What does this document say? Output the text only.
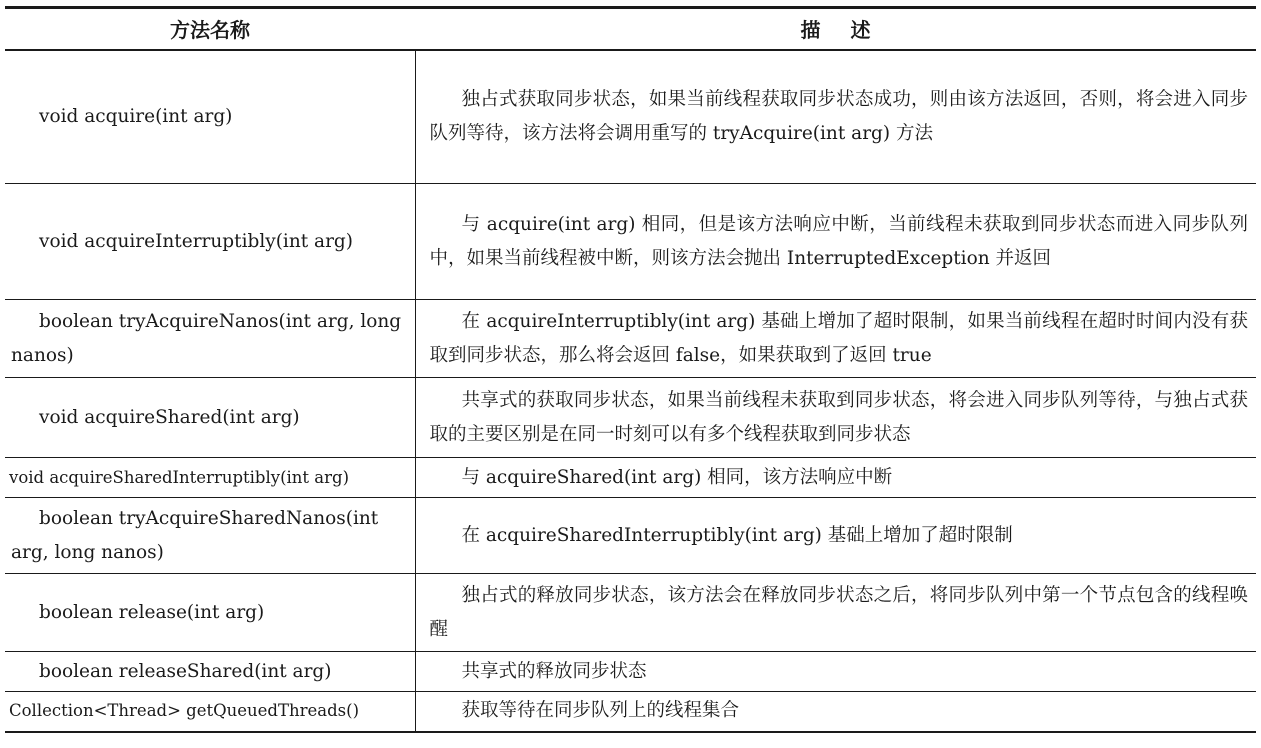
方法名称	描述

void acquire(int arg)	独占式获取同步状态，如果当前线程获取同步状态成功，则由该方法返回，否则，将会进入同步队列等待，该方法将会调用重写的 tryAcquire(int arg) 方法

void acquireInterruptibly(int arg)	与 acquire(int arg) 相同，但是该方法响应中断，当前线程未获取到同步状态而进入同步队列中，如果当前线程被中断，则该方法会抛出 InterruptedException 并返回

boolean tryAcquireNanos(int arg, long nanos)	在 acquireInterruptibly(int arg) 基础上增加了超时限制，如果当前线程在超时时间内没有获取到同步状态，那么将会返回 false，如果获取到了返回 true

void acquireShared(int arg)	共享式的获取同步状态，如果当前线程未获取到同步状态，将会进入同步队列等待，与独占式获取的主要区别是在同一时刻可以有多个线程获取到同步状态

void acquireSharedInterruptibly(int arg)	与 acquireShared(int arg) 相同，该方法响应中断

boolean tryAcquireSharedNanos(int arg, long nanos)	在 acquireSharedInterruptibly(int arg) 基础上增加了超时限制

boolean release(int arg)	独占式的释放同步状态，该方法会在释放同步状态之后，将同步队列中第一个节点包含的线程唤醒

boolean releaseShared(int arg)	共享式的释放同步状态

Collection<Thread> getQueuedThreads()	获取等待在同步队列上的线程集合
